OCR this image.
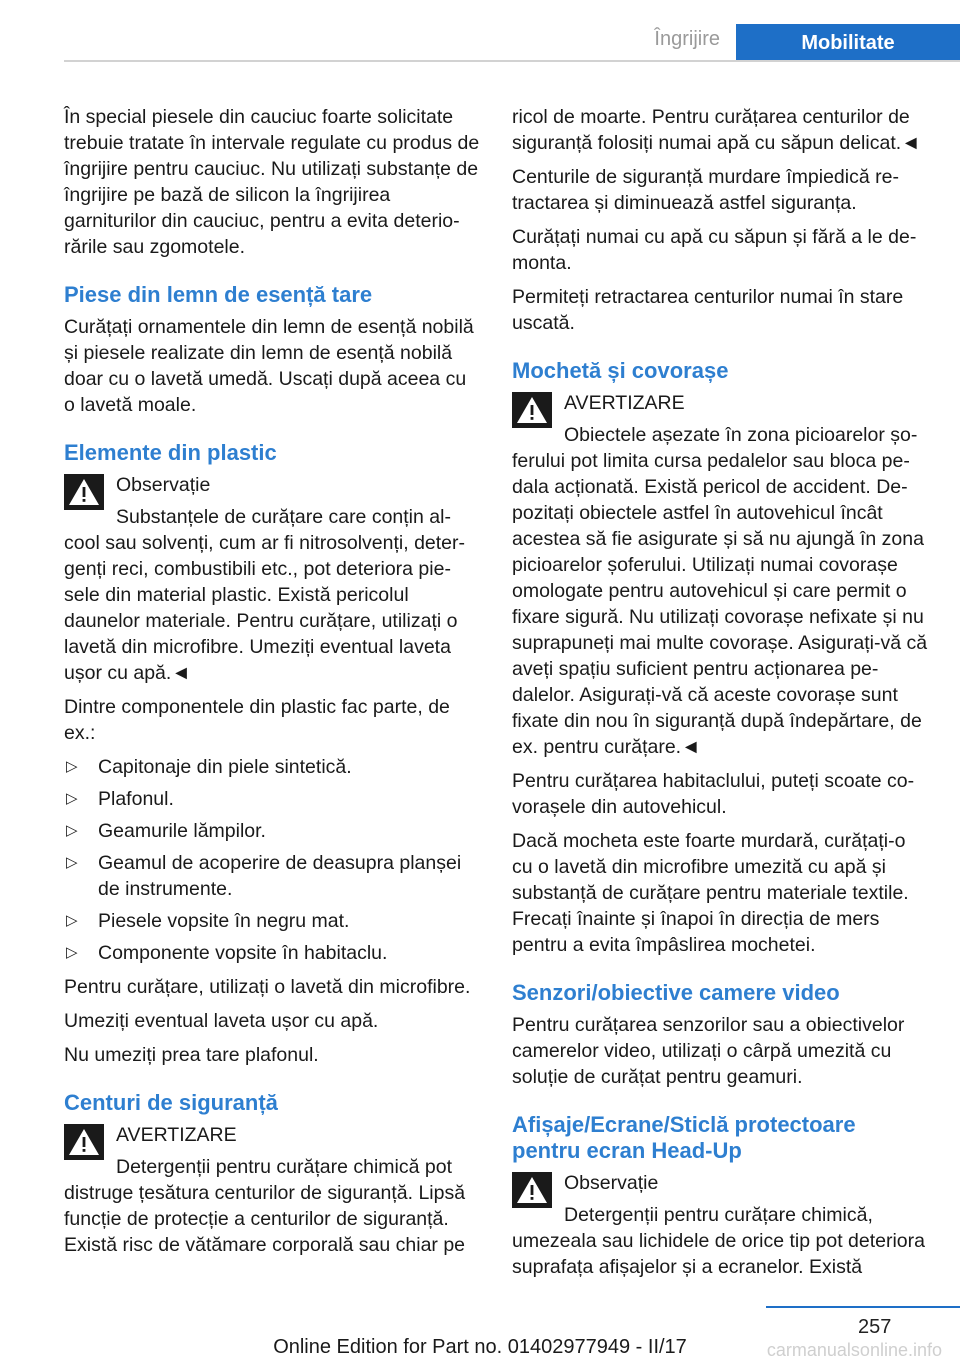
Îngrijire	Mobilitate

În special piesele din cauciuc foarte solicitate trebuie tratate în intervale regulate cu produs de îngrijire pentru cauciuc. Nu utilizați substanțe de îngrijire pe bază de silicon la îngrijirea garniturilor din cauciuc, pentru a evita deteriorările sau zgomotele.

Piese din lemn de esență tare

Curățați ornamentele din lemn de esență nobilă și piesele realizate din lemn de esență nobilă doar cu o lavetă umedă. Uscați după aceea cu o lavetă moale.

Elemente din plastic
Observație
Substanțele de curățare care conțin alcool sau solvenți, cum ar fi nitrosolvenți, detergenți reci, combustibili etc., pot deteriora piesele din material plastic. Există pericolul daunelor materiale. Pentru curățare, utilizați o lavetă din microfibre. Umeziți eventual laveta ușor cu apă.◄

Dintre componentele din plastic fac parte, de ex.:

▷ Capitonaje din piele sintetică.
▷ Plafonul.
▷ Geamurile lămpilor.
▷ Geamul de acoperire de deasupra planșei de instrumente.
▷ Piesele vopsite în negru mat.
▷ Componente vopsite în habitaclu.

Pentru curățare, utilizați o lavetă din microfibre.

Umeziți eventual laveta ușor cu apă.

Nu umeziți prea tare plafonul.

Centuri de siguranță
AVERTIZARE
Detergenții pentru curățare chimică pot distruge țesătura centurilor de siguranță. Lipsă funcție de protecție a centurilor de siguranță. Există risc de vătămare corporală sau chiar pe

ricol de moarte. Pentru curățarea centurilor de siguranță folosiți numai apă cu săpun delicat.◄

Centurile de siguranță murdare împiedică retractarea și diminuează astfel siguranța.

Curățați numai cu apă cu săpun și fără a le demonta.

Permiteți retractarea centurilor numai în stare uscată.

Mochetă și covorașe
AVERTIZARE
Obiectele așezate în zona picioarelor șoferului pot limita cursa pedalelor sau bloca pedala acționată. Există pericol de accident. Depozitați obiectele astfel în autovehicul încât acestea să fie asigurate și să nu ajungă în zona picioarelor șoferului. Utilizați numai covorașe omologate pentru autovehicul și care permit o fixare sigură. Nu utilizați covorașe nefixate și nu suprapuneți mai multe covorașe. Asigurați-vă că aveți spațiu suficient pentru acționarea pedalelor. Asigurați-vă că aceste covorașe sunt fixate din nou în siguranță după îndepărtare, de ex. pentru curățare.◄

Pentru curățarea habitaclului, puteți scoate covorașele din autovehicul.

Dacă mocheta este foarte murdară, curățați-o cu o lavetă din microfibre umezită cu apă și substanță de curățare pentru materiale textile. Frecați înainte și înapoi în direcția de mers pentru a evita împâslirea mochetei.

Senzori/obiective camere video

Pentru curățarea senzorilor sau a obiectivelor camerelor video, utilizați o cârpă umezită cu soluție de curățat pentru geamuri.

Afișaje/Ecrane/Sticlă protectoare pentru ecran Head-Up
Observație
Detergenții pentru curățare chimică, umezeala sau lichidele de orice tip pot deteriora suprafața afișajelor și a ecranelor. Există
257
Online Edition for Part no. 01402977949 - II/17	carmanualsonline.info
